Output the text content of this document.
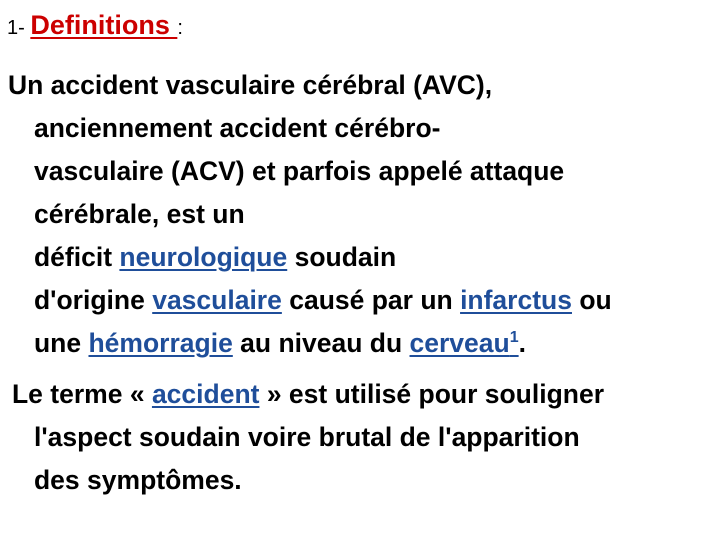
1- Definitions :
Un accident vasculaire cérébral (AVC),
anciennement accident cérébro-
vasculaire (ACV) et parfois appelé attaque
cérébrale, est un
déficit neurologique soudain
d'origine vasculaire causé par un infarctus ou
une hémorragie au niveau du cerveau$^1$.
Le terme « accident » est utilisé pour souligner
l'aspect soudain voire brutal de l'apparition
des symptômes.
